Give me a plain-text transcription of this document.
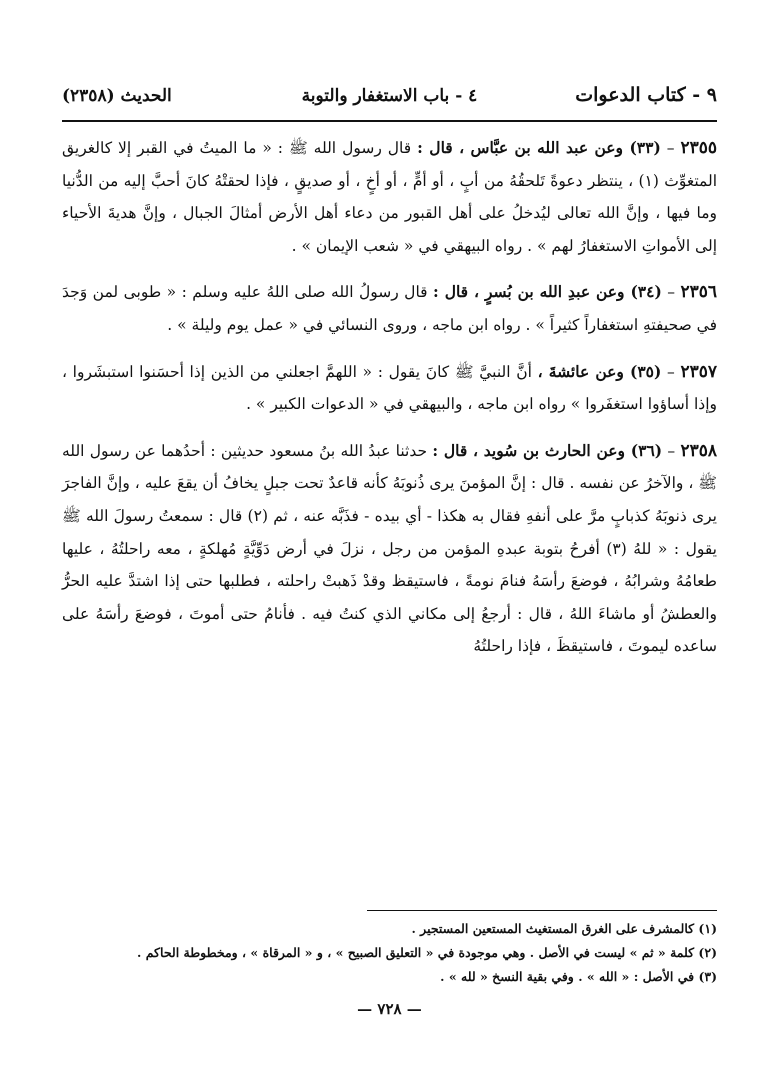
٩ - كتاب الدعوات
٤ - باب الاستغفار والتوبة
الحديث (٢٣٥٨)

٢٣٥٥ – (٣٣) وعن عبد الله بن عبَّاس ، قال : قال رسول الله ﷺ : « ما الميتُ في القبر إلا كالغريق المتغوِّث (١) ، ينتظر دعوةً تَلحقُهُ من أبٍ ، أو أمٍّ ، أو أخٍ ، أو صديقٍ ، فإذا لحقتْهُ كانَ أحبَّ إليه من الدُّنيا وما فيها ، وإنَّ الله تعالى ليُدخلُ على أهل القبور من دعاء أهل الأرض أمثالَ الجبال ، وإنَّ هديةَ الأحياء إلى الأمواتِ الاستغفارُ لهم » . رواه البيهقي في « شعب الإيمان » .

٢٣٥٦ – (٣٤) وعن عبدِ الله بن بُسرٍ ، قال : قال رسولُ الله صلى اللهُ عليه وسلم : « طوبى لمن وَجدَ في صحيفتهِ استغفاراً كثيراً » . رواه ابن ماجه ، وروى النسائي في « عمل يوم وليلة » .

٢٣٥٧ – (٣٥) وعن عائشةَ ، أنَّ النبيَّ ﷺ كانَ يقول : « اللهمَّ اجعلني من الذين إذا أحسَنوا استبشَروا ، وإذا أساؤوا استغفَروا » رواه ابن ماجه ، والبيهقي في « الدعوات الكبير » .

٢٣٥٨ – (٣٦) وعن الحارث بن سُويد ، قال : حدثنا عبدُ الله بنُ مسعود حديثين : أحدُهما عن رسول الله ﷺ ، والآخرُ عن نفسه . قال : إنَّ المؤمنَ يرى ذُنوبَهُ كأنه قاعدٌ تحت جبلٍ يخافُ أن يقعَ عليه ، وإنَّ الفاجرَ يرى ذنوبَهُ كذبابٍ مرَّ على أنفهِ فقال به هكذا - أي بيده - فذَبَّه عنه ، ثم (٢) قال : سمعتُ رسولَ الله ﷺ يقول : « للهُ (٣) أفرحُ بتوبة عبدهِ المؤمن من رجل ، نزلَ في أرض دَوِّيَّةٍ مُهلكةٍ ، معه راحلتُهُ ، عليها طعامُهُ وشرابُهُ ، فوضعَ رأسَهُ فنامَ نومةً ، فاستيقظ وقدْ ذَهبتْ راحلته ، فطلبها حتى إذا اشتدَّ عليه الحرُّ والعطشُ أو ماشاءَ اللهُ ، قال : أرجعُ إلى مكاني الذي كنتُ فيه . فأنامُ حتى أموتَ ، فوضعَ رأسَهُ على ساعده ليموتَ ، فاستيقظَ ، فإذا راحلتُهُ

(١) كالمشرف على الغرق المستغيث المستعين المستجير .
(٢) كلمة « ثم » ليست في الأصل . وهي موجودة في « التعليق الصبيح » ، و « المرقاة » ، ومخطوطة الحاكم .
(٣) في الأصل : « الله » . وفي بقية النسخ « لله » .
— ٧٢٨ —
